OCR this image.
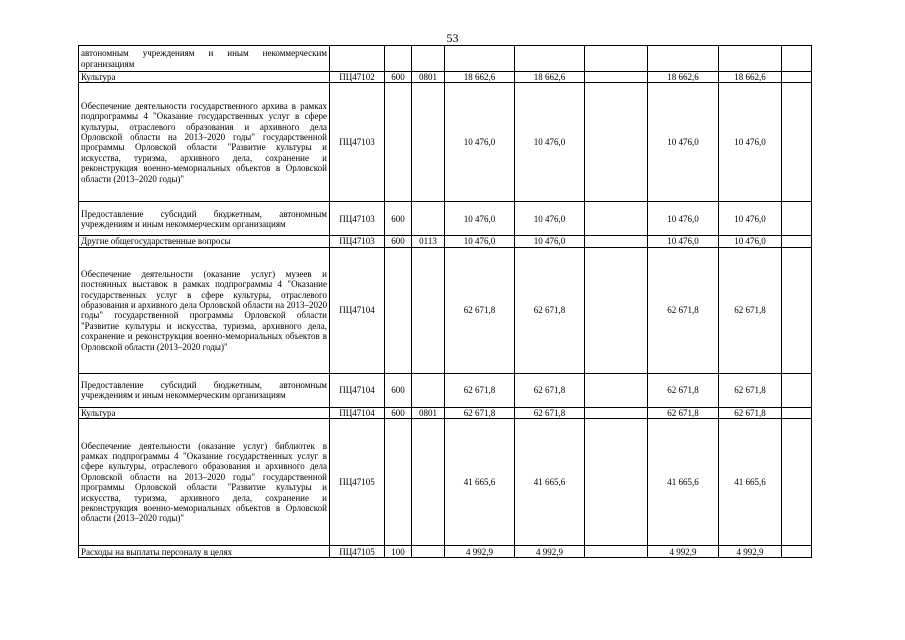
53
автономным учреждениям и иным некоммерческим организациям									
Культура	ПЦ47102	600	0801	18 662,6	18 662,6		18 662,6	18 662,6	
Обеспечение деятельности государственного архива в рамках подпрограммы 4 "Оказание государственных услуг в сфере культуры, отраслевого образования и архивного дела Орловской области на 2013–2020 годы" государственной программы Орловской области "Развитие культуры и искусства, туризма, архивного дела, сохранение и реконструкция военно-мемориальных объектов в Орловской области (2013–2020 годы)"	ПЦ47103			10 476,0	10 476,0		10 476,0	10 476,0	
Предоставление субсидий бюджетным, автономным учреждениям и иным некоммерческим организациям	ПЦ47103	600		10 476,0	10 476,0		10 476,0	10 476,0	
Другие общегосударственные вопросы	ПЦ47103	600	0113	10 476,0	10 476,0		10 476,0	10 476,0	
Обеспечение деятельности (оказание услуг) музеев и постоянных выставок в рамках подпрограммы 4 "Оказание государственных услуг в сфере культуры, отраслевого образования и архивного дела Орловской области на 2013–2020 годы" государственной программы Орловской области "Развитие культуры и искусства, туризма, архивного дела, сохранение и реконструкция военно-мемориальных объектов в Орловской области (2013–2020 годы)"	ПЦ47104			62 671,8	62 671,8		62 671,8	62 671,8	
Предоставление субсидий бюджетным, автономным учреждениям и иным некоммерческим организациям	ПЦ47104	600		62 671,8	62 671,8		62 671,8	62 671,8	
Культура	ПЦ47104	600	0801	62 671,8	62 671,8		62 671,8	62 671,8	
Обеспечение деятельности (оказание услуг) библиотек в рамках подпрограммы 4 "Оказание государственных услуг в сфере культуры, отраслевого образования и архивного дела Орловской области на 2013–2020 годы" государственной программы Орловской области "Развитие культуры и искусства, туризма, архивного дела, сохранение и реконструкция военно-мемориальных объектов в Орловской области (2013–2020 годы)"	ПЦ47105			41 665,6	41 665,6		41 665,6	41 665,6	
Расходы на выплаты персоналу в целях	ПЦ47105	100		4 992,9	4 992,9		4 992,9	4 992,9	
